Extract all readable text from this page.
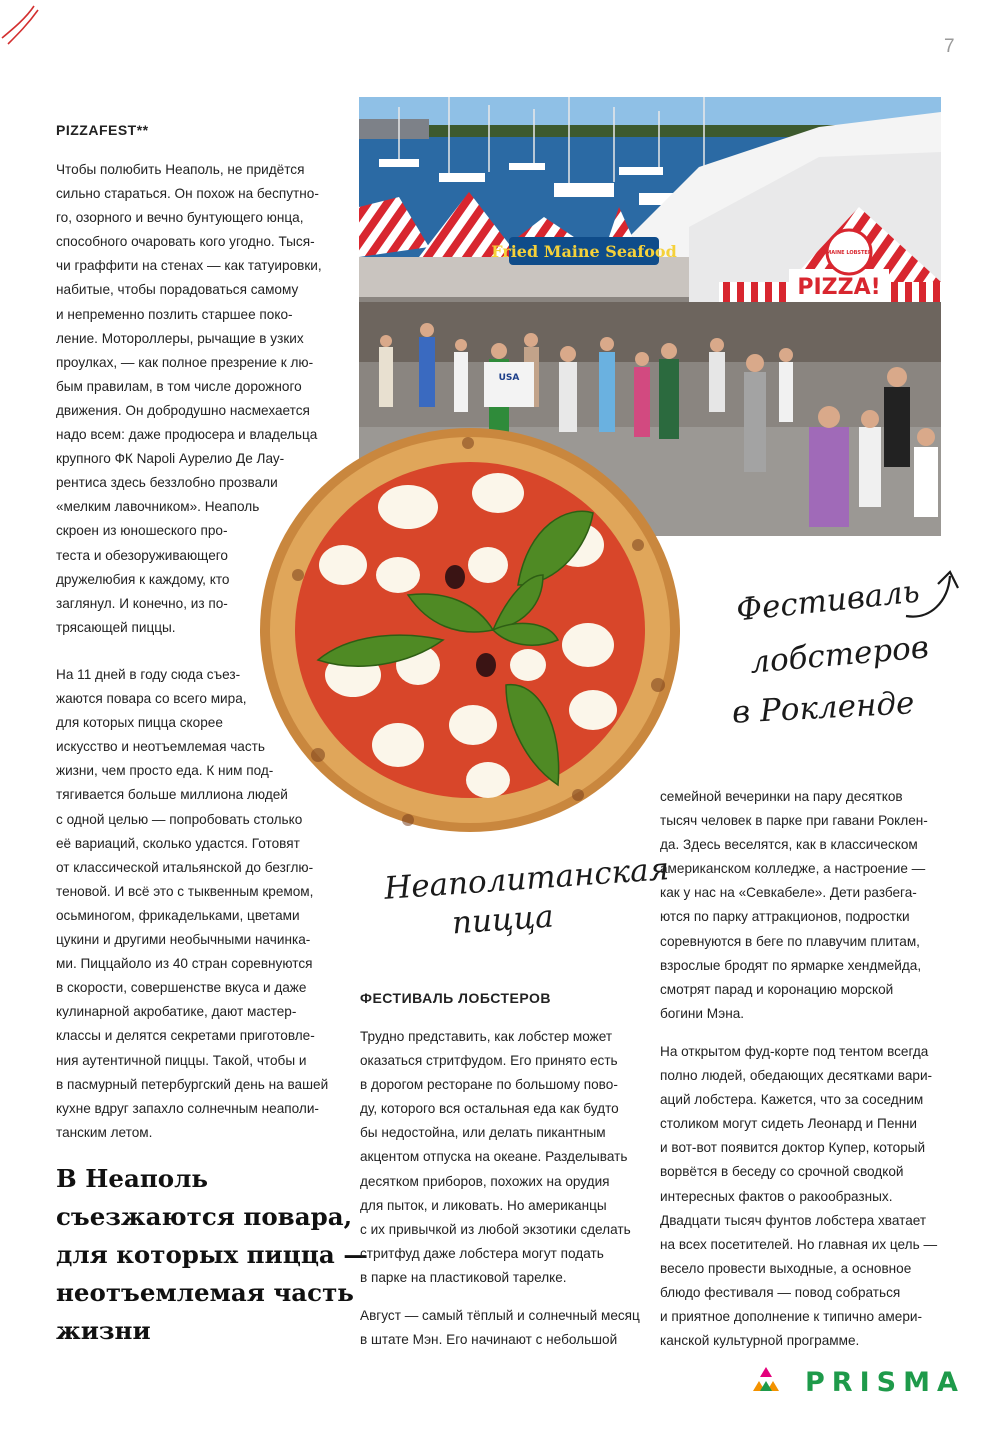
7
PIZZAFEST**
Чтобы полюбить Неаполь, не придётся
сильно стараться. Он похож на беспутно-
го, озорного и вечно бунтующего юнца,
способного очаровать кого угодно. Тыся-
чи граффити на стенах — как татуировки,
набитые, чтобы порадоваться самому
и непременно позлить старшее поко-
ление. Мотороллеры, рычащие в узких
проулках, — как полное презрение к лю-
бым правилам, в том числе дорожного
движения. Он добродушно насмехается
надо всем: даже продюсера и владельца
крупного ФК Napoli Аурелио Де Лау-
рентиса здесь беззлобно прозвали
«мелким лавочником». Неаполь
скроен из юношеского про-
теста и обезоруживающего
дружелюбия к каждому, кто
заглянул. И конечно, из по-
трясающей пиццы.
На 11 дней в году сюда съез-
жаются повара со всего мира,
для которых пицца скорее
искусство и неотъемлемая часть
жизни, чем просто еда. К ним под-
тягивается больше миллиона людей
с одной целью — попробовать столько
её вариаций, сколько удастся. Готовят
от классической итальянской до безглю-
теновой. И всё это с тыквенным кремом,
осьминогом, фрикадельками, цветами
цукини и другими необычными начинка-
ми. Пиццайоло из 40 стран соревнуются
в скорости, совершенстве вкуса и даже
кулинарной акробатике, дают мастер-
классы и делятся секретами приготовле-
ния аутентичной пиццы. Такой, чтобы и
в пасмурный петербургский день на вашей
кухне вдруг запахло солнечным неаполи-
танским летом.
В Неаполь
съезжаются повара,
для которых пицца —
неотъемлемая часть
жизни
Fried Maine Seafood
PIZZA!
MAINE LOBSTER
USA
Фестиваль
лобстеров
в Рокленде
Неаполитанская
пицца
ФЕСТИВАЛЬ ЛОБСТЕРОВ
Трудно представить, как лобстер может
оказаться стритфудом. Его принято есть
в дорогом ресторане по большому пово-
ду, которого вся остальная еда как будто
бы недостойна, или делать пикантным
акцентом отпуска на океане. Разделывать
десятком приборов, похожих на орудия
для пыток, и ликовать. Но американцы
с их привычкой из любой экзотики сделать
стритфуд даже лобстера могут подать
в парке на пластиковой тарелке.
Август — самый тёплый и солнечный месяц
в штате Мэн. Его начинают с небольшой
семейной вечеринки на пару десятков
тысяч человек в парке при гавани Роклен-
да. Здесь веселятся, как в классическом
американском колледже, а настроение —
как у нас на «Севкабеле». Дети разбега-
ются по парку аттракционов, подростки
соревнуются в беге по плавучим плитам,
взрослые бродят по ярмарке хендмейда,
смотрят парад и коронацию морской
богини Мэна.
На открытом фуд-корте под тентом всегда
полно людей, обедающих десятками вари-
аций лобстера. Кажется, что за соседним
столиком могут сидеть Леонард и Пенни
и вот-вот появится доктор Купер, который
ворвётся в беседу со срочной сводкой
интересных фактов о ракообразных.
Двадцати тысяч фунтов лобстера хватает
на всех посетителей. Но главная их цель —
весело провести выходные, а основное
блюдо фестиваля — повод собраться
и приятное дополнение к типично амери-
канской культурной программе.
PRISMA
